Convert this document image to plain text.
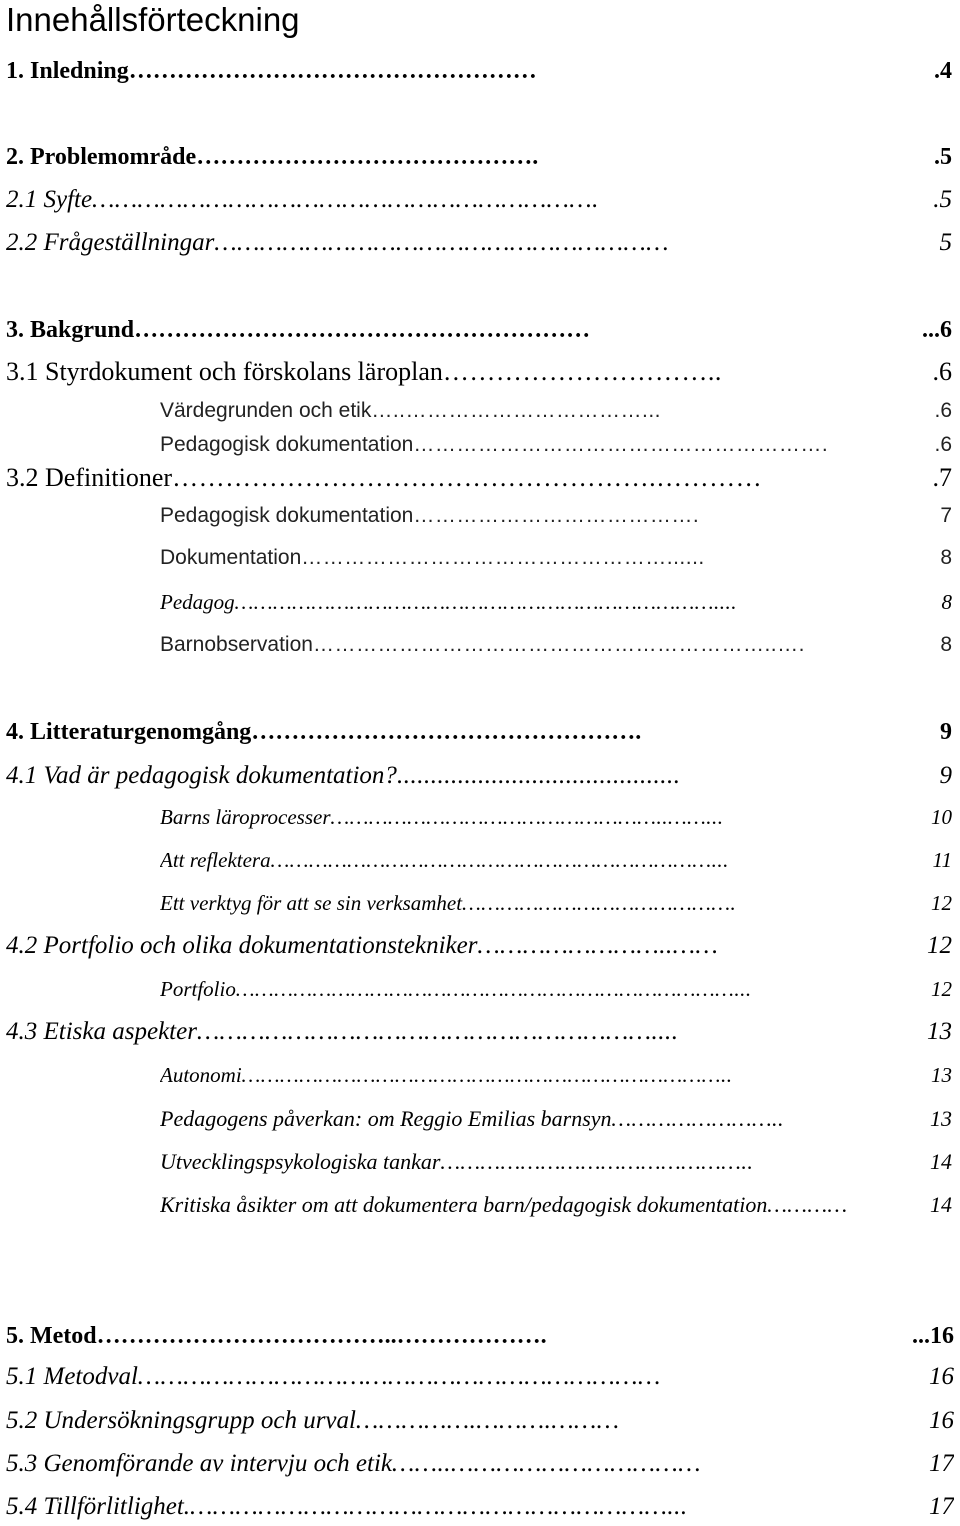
Innehållsförteckning
1. Inledning……………………………………………	.4
2. Problemområde…………………………………….	.5
2.1 Syfte………………………………………………………….	.5
2.2 Frågeställningar……………………………………………………	5
3. Bakgrund…………………………………………………	...6
3.1 Styrdokument och förskolans läroplan…………………………..	.6
Värdegrunden och etik…..……………………………...	.6
Pedagogisk dokumentation………………………………………………….	.6
3.2 Definitioner……………………………………………….…………	.7
Pedagogisk dokumentation………………………………….	7
Dokumentation……………………………………………......	8
Pedagog…………………………………………………………………....	8
Barnobservation………………………………………………………..….	8
4. Litteraturgenomgång………………………………………….	9
4.1 Vad är pedagogisk dokumentation?..........................................	9
Barns läroprocesser……………………………………………..……...	10
Att reflektera……………………………………………………………...	11
Ett verktyg för att se sin verksamhet…………………………………….	12
4.2 Portfolio och olika dokumentationstekniker……………………..……	12
Portfolio……………………………………………………………………...	12
4.3 Etiska aspekter……………………………………………………....	13
Autonomi…………………………………………………………………..	13
Pedagogens påverkan: om Reggio Emilias barnsyn……………………..	13
Utvecklingspsykologiska tankar………………………………………..	14
Kritiska åsikter om att dokumentera barn/pedagogisk dokumentation…………	14
5. Metod………………………………..……………….	...16
5.1 Metodval……………………………………………………………	16
5.2 Undersökningsgrupp och urval…………….……….………	16
5.3 Genomförande av intervju och etik……..……………………………	17
5.4 Tillförlitlighet.………………………………………………………...	17
